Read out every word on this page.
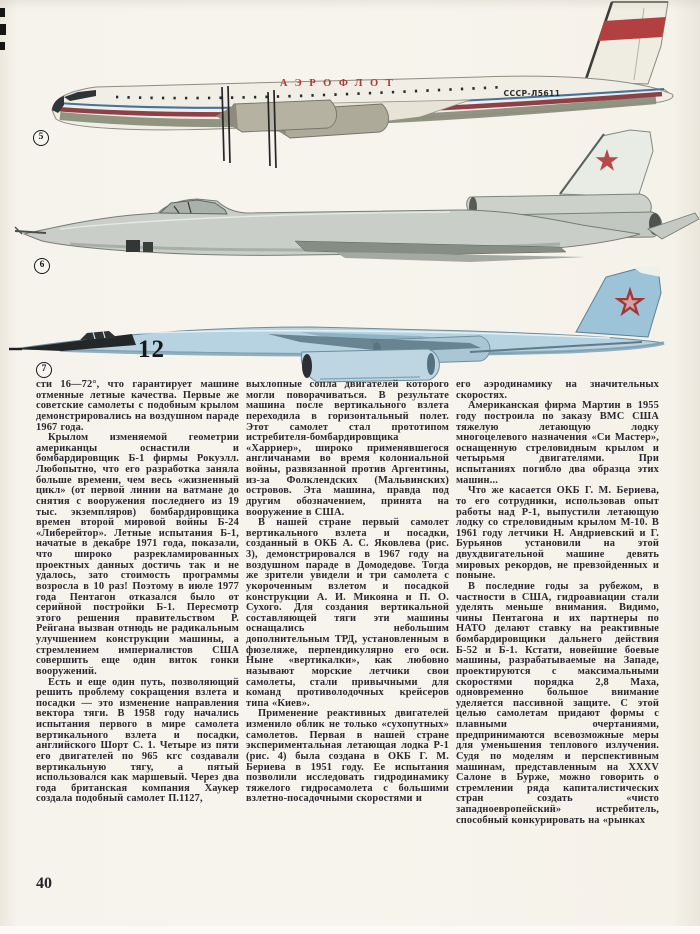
АЭРОФЛОТ
СССР-Л5611
12
5
6
7

сти 16—72°, что гарантирует машине отменные летные качества. Первые же советские самолеты с подобным крылом демонстрировались на воздушном параде 1967 года.

Крылом изменяемой геометрии американцы оснастили и бомбардировщик Б-1 фирмы Рокуэлл. Любопытно, что его разработка заняла больше времени, чем весь «жизненный цикл» (от первой линии на ватмане до снятия с вооружения последнего из 19 тыс. экземпляров) бомбардировщика времен второй мировой войны Б-24 «Либерейтор». Летные испытания Б-1, начатые в декабре 1971 года, показали, что широко разрекламированных проектных данных достичь так и не удалось, зато стоимость программы возросла в 10 раз! Поэтому в июле 1977 года Пентагон отказался было от серийной постройки Б-1. Пересмотр этого решения правительством Р. Рейгана вызван отнюдь не радикальным улучшением конструкции машины, а стремлением империалистов США совершить еще один виток гонки вооружений.

Есть и еще один путь, позволяющий решить проблему сокращения взлета и посадки — это изменение направления вектора тяги. В 1958 году начались испытания первого в мире самолета вертикального взлета и посадки, английского Шорт С. 1. Четыре из пяти его двигателей по 965 кгс создавали вертикальную тягу, а пятый использовался как маршевый. Через два года британская компания Хаукер создала подобный самолет П.1127,

выхлопные сопла двигателей которого могли поворачиваться. В результате машина после вертикального взлета переходила в горизонтальный полет. Этот самолет стал прототипом истребителя-бомбардировщика «Харриер», широко применявшегося англичанами во время колониальной войны, развязанной против Аргентины, из-за Фолклендских (Мальвинских) островов. Эта машина, правда под другим обозначением, принята на вооружение в США.

В нашей стране первый самолет вертикального взлета и посадки, созданный в ОКБ А. С. Яковлева (рис. 3), демонстрировался в 1967 году на воздушном параде в Домодедове. Тогда же зрители увидели и три самолета с укороченным взлетом и посадкой конструкции А. И. Микояна и П. О. Сухого. Для создания вертикальной составляющей тяги эти машины оснащались небольшим дополнительным ТРД, установленным в фюзеляже, перпендикулярно его оси. Ныне «вертикалки», как любовно называют морские летчики свои самолеты, стали привычными для команд противолодочных крейсеров типа «Киев».

Применение реактивных двигателей изменило облик не только «сухопутных» самолетов. Первая в нашей стране экспериментальная летающая лодка Р-1 (рис. 4) была создана в ОКБ Г. М. Бериева в 1951 году. Ее испытания позволили исследовать гидродинамику тяжелого гидросамолета с большими взлетно-посадочными скоростями и

его аэродинамику на значительных скоростях.

Американская фирма Мартин в 1955 году построила по заказу ВМС США тяжелую летающую лодку многоцелевого назначения «Си Мастер», оснащенную стреловидным крылом и четырьмя двигателями. При испытаниях погибло два образца этих машин...

Что же касается ОКБ Г. М. Бериева, то его сотрудники, использовав опыт работы над Р-1, выпустили летающую лодку со стреловидным крылом М-10. В 1961 году летчики Н. Андриевский и Г. Бурьянов установили на этой двухдвигательной машине девять мировых рекордов, не превзойденных и поныне.

В последние годы за рубежом, в частности в США, гидроавиации стали уделять меньше внимания. Видимо, чины Пентагона и их партнеры по НАТО делают ставку на реактивные бомбардировщики дальнего действия Б-52 и Б-1. Кстати, новейшие боевые машины, разрабатываемые на Западе, проектируются с максимальными скоростями порядка 2,8 Маха, одновременно большое внимание уделяется пассивной защите. С этой целью самолетам придают формы с плавными очертаниями, предпринимаются всевозможные меры для уменьшения теплового излучения. Судя по моделям и перспективным машинам, представленным на XXXV Салоне в Бурже, можно говорить о стремлении ряда капиталистических стран создать «чисто западноевропейский» истребитель, способный конкурировать на «рынках

40
